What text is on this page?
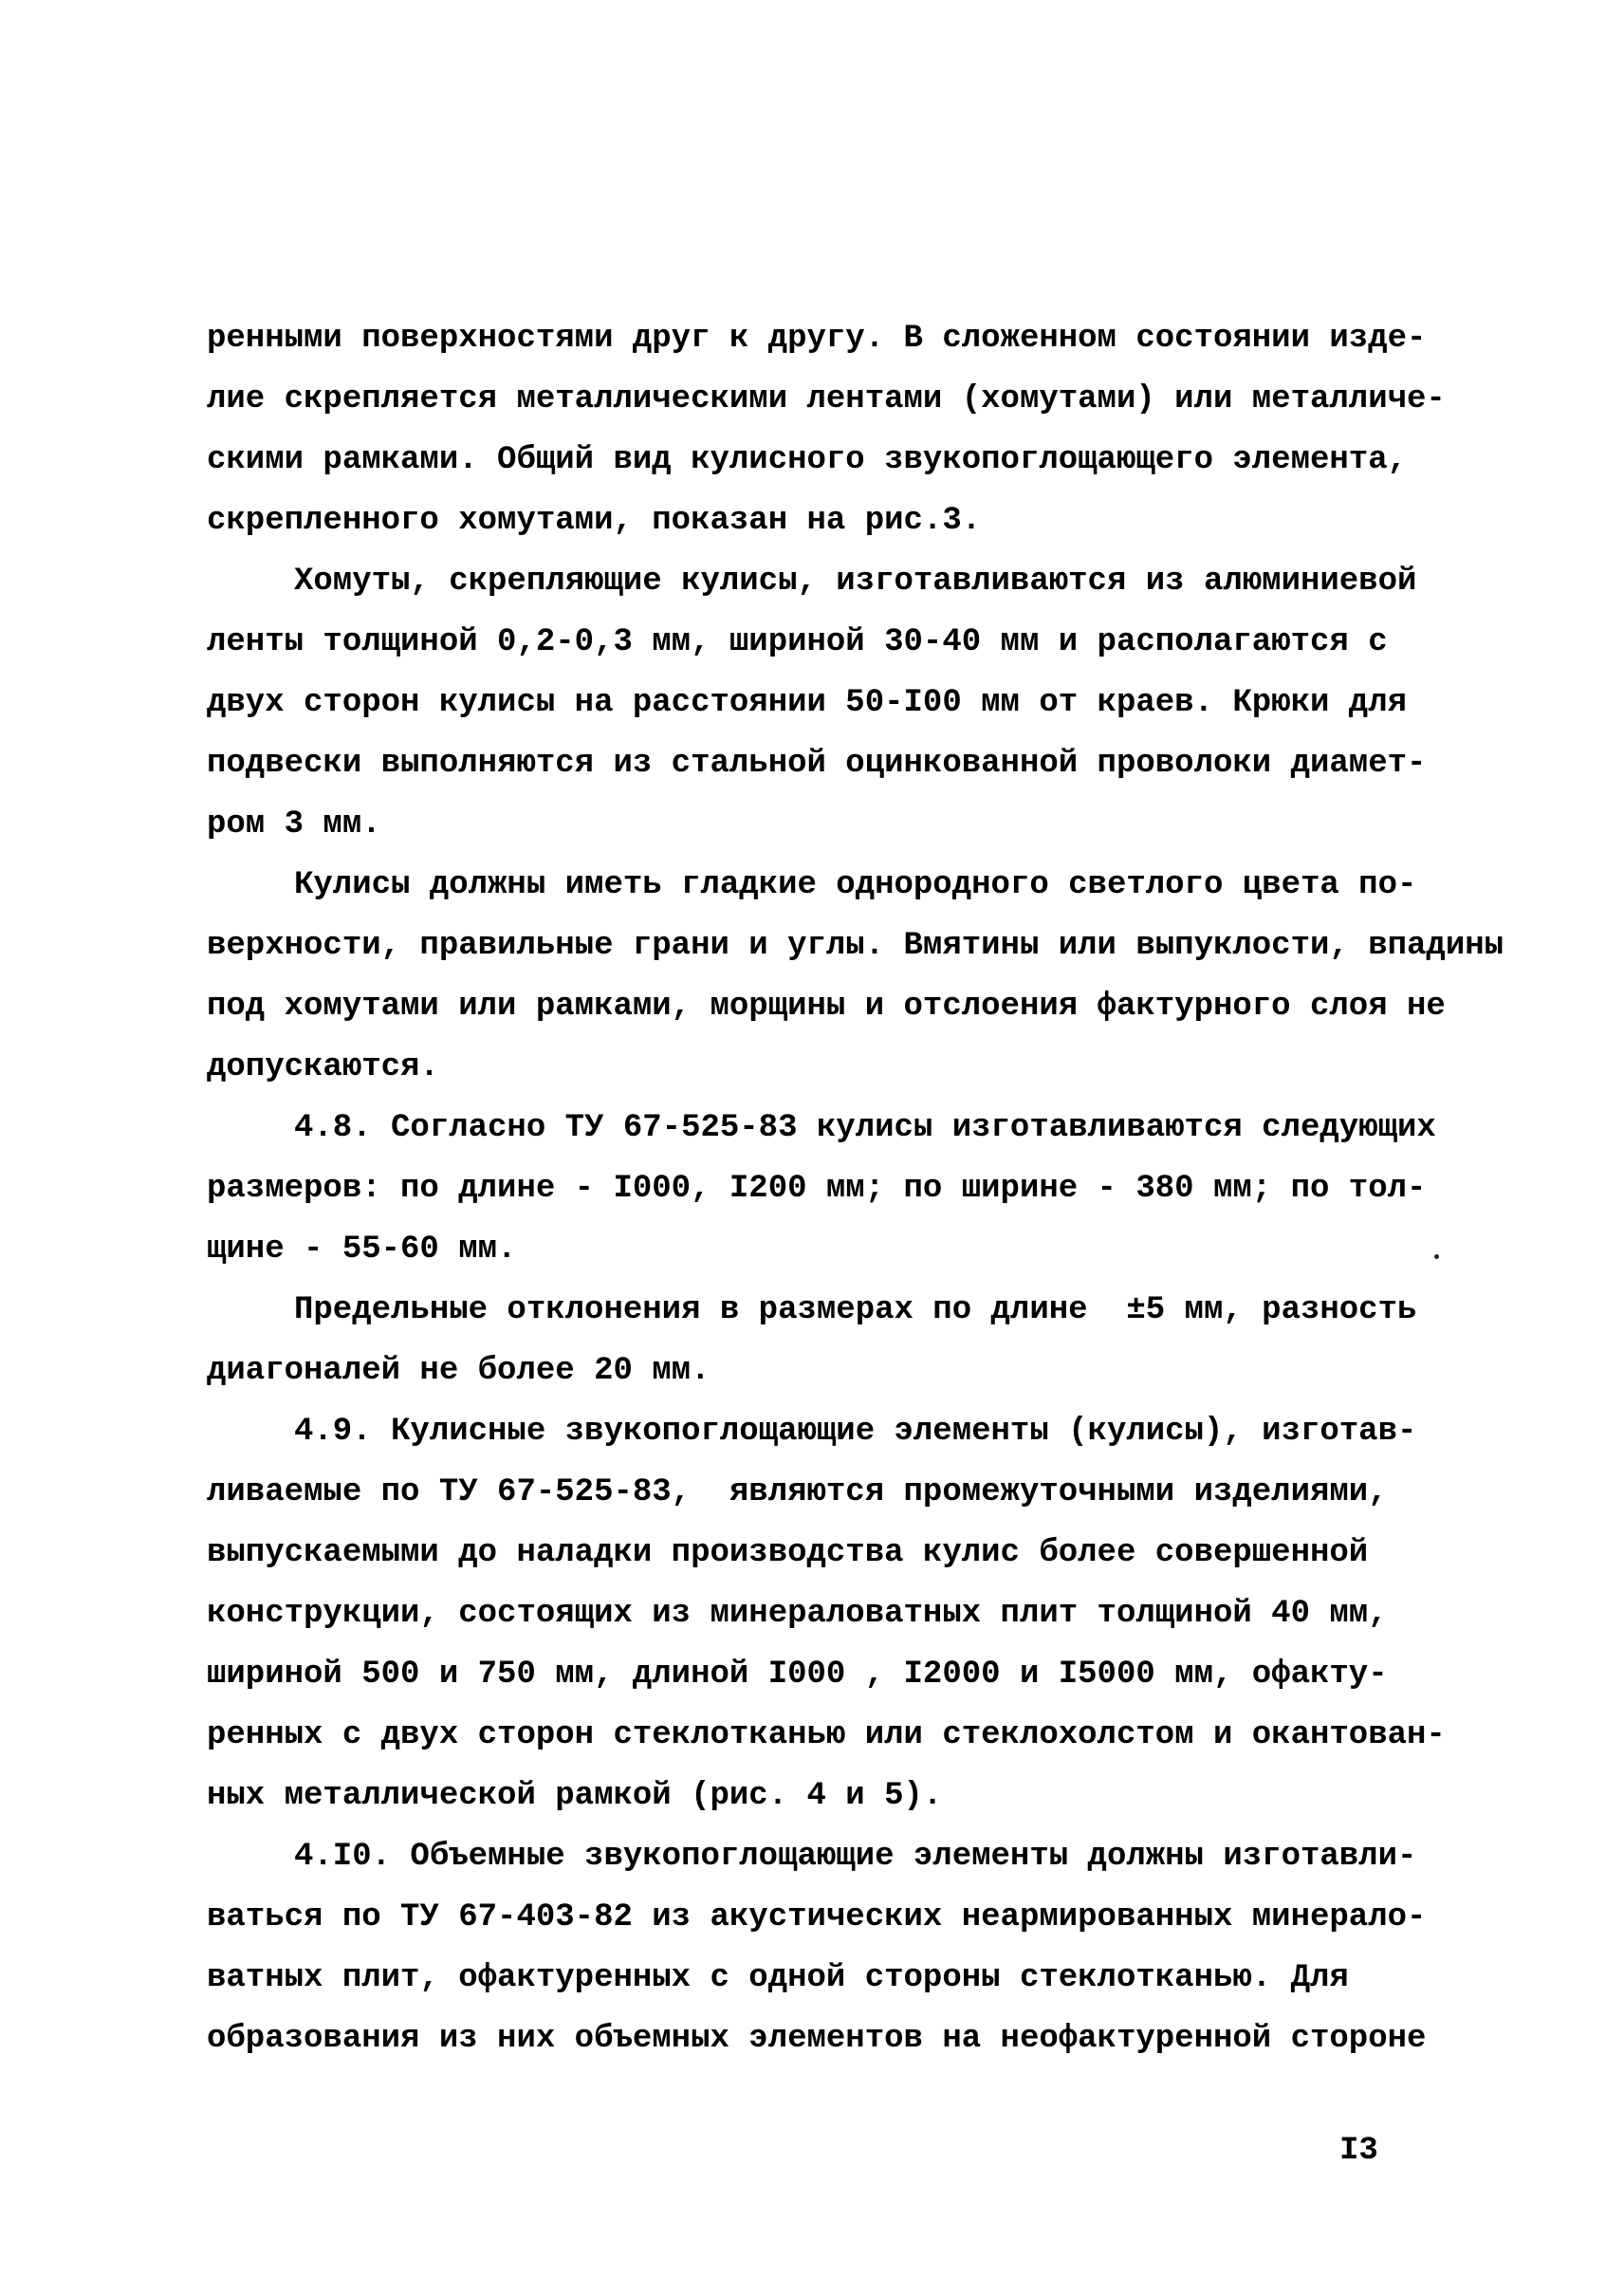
ренными поверхностями друг к другу. В сложенном состоянии изде-
лие скрепляется металлическими лентами (хомутами) или металличе-
скими рамками. Общий вид кулисного звукопоглощающего элемента,
скрепленного хомутами, показан на рис.3.
Хомуты, скрепляющие кулисы, изготавливаются из алюминиевой
ленты толщиной 0,2-0,3 мм, шириной 30-40 мм и располагаются с
двух сторон кулисы на расстоянии 50-I00 мм от краев. Крюки для
подвески выполняются из стальной оцинкованной проволоки диамет-
ром 3 мм.
Кулисы должны иметь гладкие однородного светлого цвета по-
верхности, правильные грани и углы. Вмятины или выпуклости, впадины
под хомутами или рамками, морщины и отслоения фактурного слоя не
допускаются.
4.8. Согласно ТУ 67-525-83 кулисы изготавливаются следующих
размеров: по длине - I000, I200 мм; по ширине - 380 мм; по тол-
щине - 55-60 мм.
Предельные отклонения в размерах по длине  ±5 мм, разность
диагоналей не более 20 мм.
4.9. Кулисные звукопоглощающие элементы (кулисы), изготав-
ливаемые по ТУ 67-525-83,  являются промежуточными изделиями,
выпускаемыми до наладки производства кулис более совершенной
конструкции, состоящих из минераловатных плит толщиной 40 мм,
шириной 500 и 750 мм, длиной I000 , I2000 и I5000 мм, офакту-
ренных с двух сторон стеклотканью или стеклохолстом и окантован-
ных металлической рамкой (рис. 4 и 5).
4.I0. Объемные звукопоглощающие элементы должны изготавли-
ваться по ТУ 67-403-82 из акустических неармированных минерало-
ватных плит, офактуренных с одной стороны стеклотканью. Для
образования из них объемных элементов на неофактуренной стороне
I3
